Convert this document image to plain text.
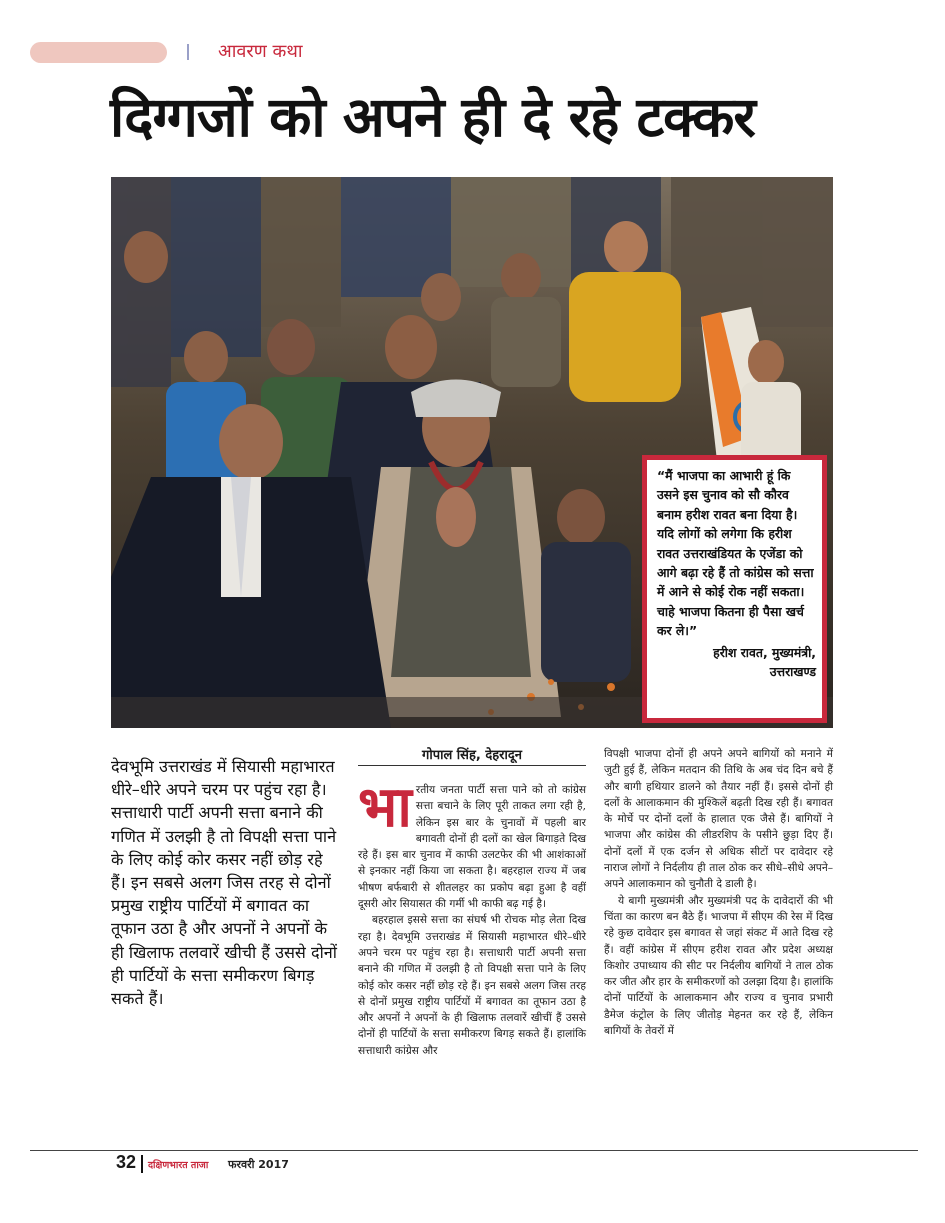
आवरण कथा
दिग्गजों को अपने ही दे रहे टक्कर
“मैं भाजपा का आभारी हूं कि उसने इस चुनाव को सौ कौरव बनाम हरीश रावत बना दिया है। यदि लोगों को लगेगा कि हरीश रावत उत्तराखंडियत के एजेंडा को आगे बढ़ा रहे हैं तो कांग्रेस को सत्ता में आने से कोई रोक नहीं सकता। चाहे भाजपा कितना ही पैसा खर्च कर ले।”
हरीश रावत, मुख्यमंत्री,
उत्तराखण्ड
देवभूमि उत्तराखंड में सियासी महाभारत धीरे–धीरे अपने चरम पर पहुंच रहा है। सत्ताधारी पार्टी अपनी सत्ता बनाने की गणित में उलझी है तो विपक्षी सत्ता पाने के लिए कोई कोर कसर नहीं छोड़ रहे हैं। इन सबसे अलग जिस तरह से दोनों प्रमुख राष्ट्रीय पार्टियों में बगावत का तूफान उठा है और अपनों ने अपनों के ही खिलाफ तलवारें खीची हैं उससे दोनों ही पार्टियों के सत्ता समीकरण बिगड़ सकते हैं।
गोपाल सिंह, देहरादून

भारतीय जनता पार्टी सत्ता पाने को तो कांग्रेस सत्ता बचाने के लिए पूरी ताकत लगा रही है, लेकिन इस बार के चुनावों में पहली बार बगावती दोनों ही दलों का खेल बिगाड़ते दिख रहे हैं। इस बार चुनाव में काफी उलटफेर की भी आशंकाओं से इनकार नहीं किया जा सकता है। बहरहाल राज्य में जब भीषण बर्फबारी से शीतलहर का प्रकोप बढ़ा हुआ है वहीं दूसरी ओर सियासत की गर्मी भी काफी बढ़ गई है।

बहरहाल इससे सत्ता का संघर्ष भी रोचक मोड़ लेता दिख रहा है। देवभूमि उत्तराखंड में सियासी महाभारत धीरे–धीरे अपने चरम पर पहुंच रहा है। सत्ताधारी पार्टी अपनी सत्ता बनाने की गणित में उलझी है तो विपक्षी सत्ता पाने के लिए कोई कोर कसर नहीं छोड़ रहे हैं। इन सबसे अलग जिस तरह से दोनों प्रमुख राष्ट्रीय पार्टियों में बगावत का तूफान उठा है और अपनों ने अपनों के ही खिलाफ तलवारें खीचीं हैं उससे दोनों ही पार्टियों के सत्ता समीकरण बिगड़ सकते हैं। हालांकि सत्ताधारी कांग्रेस और

विपक्षी भाजपा दोनों ही अपने अपने बागियों को मनाने में जुटी हुई हैं, लेकिन मतदान की तिथि के अब चंद दिन बचे हैं और बागी हथियार डालने को तैयार नहीं हैं। इससे दोनों ही दलों के आलाकमान की मुश्किलें बढ़ती दिख रही हैं। बगावत के मोर्चे पर दोनों दलों के हालात एक जैसे हैं। बागियों ने भाजपा और कांग्रेस की लीडरशिप के पसीने छुड़ा दिए हैं। दोनों दलों में एक दर्जन से अधिक सीटों पर दावेदार रहे नाराज लोगों ने निर्दलीय ही ताल ठोक कर सीधे–सीधे अपने–अपने आलाकमान को चुनौती दे डाली है।

ये बागी मुख्यमंत्री और मुख्यमंत्री पद के दावेदारों की भी चिंता का कारण बन बैठे हैं। भाजपा में सीएम की रेस में दिख रहे कुछ दावेदार इस बगावत से जहां संकट में आते दिख रहे हैं। वहीं कांग्रेस में सीएम हरीश रावत और प्रदेश अध्यक्ष किशोर उपाध्याय की सीट पर निर्दलीय बागियों ने ताल ठोक कर जीत और हार के समीकरणों को उलझा दिया है। हालांकि दोनों पार्टियों के आलाकमान और राज्य व चुनाव प्रभारी डैमेज कंट्रोल के लिए जीतोड़ मेहनत कर रहे हैं, लेकिन बागियों के तेवरों में

32 दक्षिणभारत ताजा फरवरी 2017
